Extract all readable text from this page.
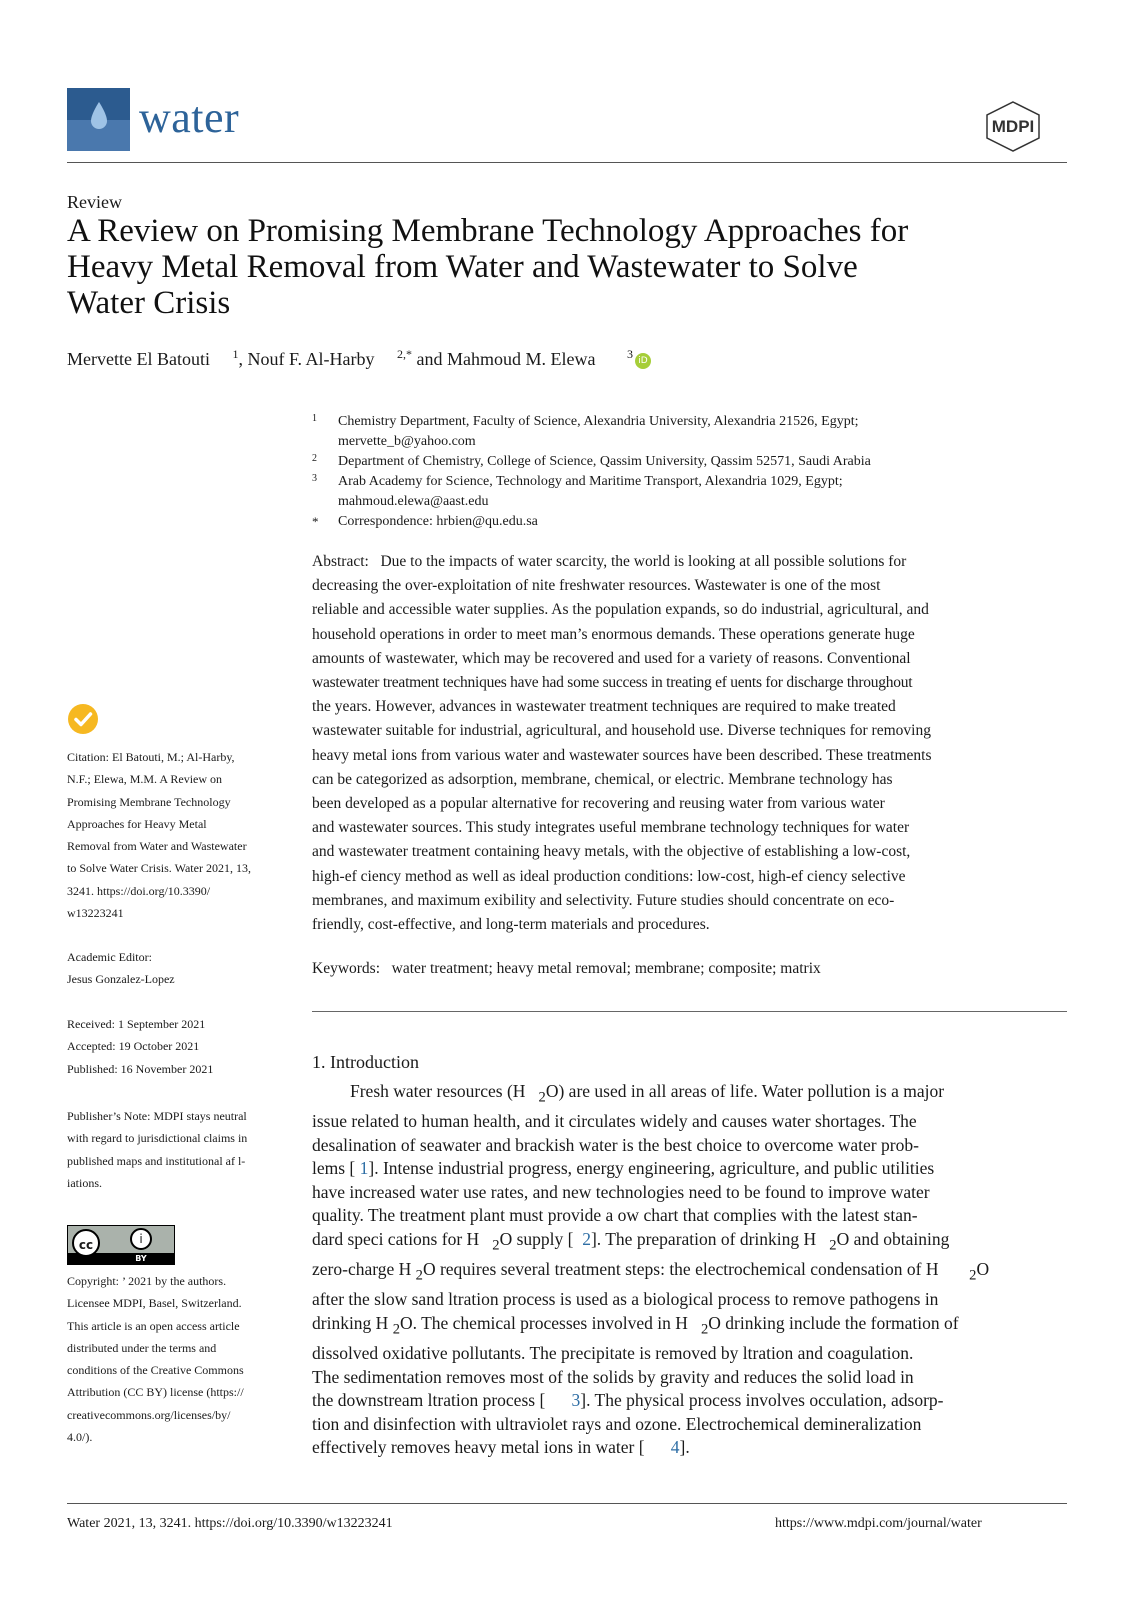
water	MDPI
Review
A Review on Promising Membrane Technology Approaches for
Heavy Metal Removal from Water and Wastewater to Solve
Water Crisis
Mervette El Batouti $^1$, Nouf F. Al-Harby $^{2,*}$ and Mahmoud M. Elewa	$^3$ iD
1 Chemistry Department, Faculty of Science, Alexandria University, Alexandria 21526, Egypt;
mervette_b@yahoo.com
2 Department of Chemistry, College of Science, Qassim University, Qassim 52571, Saudi Arabia
3 Arab Academy for Science, Technology and Maritime Transport, Alexandria 1029, Egypt;
mahmoud.elewa@aast.edu
* Correspondence: hrbien@qu.edu.sa
Abstract: Due to the impacts of water scarcity, the world is looking at all possible solutions for
decreasing the over-exploitation of nite freshwater resources. Wastewater is one of the most
reliable and accessible water supplies. As the population expands, so do industrial, agricultural, and
household operations in order to meet man’s enormous demands. These operations generate huge
amounts of wastewater, which may be recovered and used for a variety of reasons. Conventional
wastewater treatment techniques have had some success in treating ef uents for discharge throughout
the years. However, advances in wastewater treatment techniques are required to make treated
wastewater suitable for industrial, agricultural, and household use. Diverse techniques for removing
heavy metal ions from various water and wastewater sources have been described. These treatments
can be categorized as adsorption, membrane, chemical, or electric. Membrane technology has
been developed as a popular alternative for recovering and reusing water from various water
and wastewater sources. This study integrates useful membrane technology techniques for water
and wastewater treatment containing heavy metals, with the objective of establishing a low-cost,
high-ef ciency method as well as ideal production conditions: low-cost, high-ef ciency selective
membranes, and maximum exibility and selectivity. Future studies should concentrate on eco-
friendly, cost-effective, and long-term materials and procedures.
Keywords: water treatment; heavy metal removal; membrane; composite; matrix
1. Introduction
Fresh water resources (H $_2$O) are used in all areas of life. Water pollution is a major
issue related to human health, and it circulates widely and causes water shortages. The
desalination of seawater and brackish water is the best choice to overcome water prob-
lems [ 1]. Intense industrial progress, energy engineering, agriculture, and public utilities
have increased water use rates, and new technologies need to be found to improve water
quality. The treatment plant must provide a ow chart that complies with the latest stan-
dard speci cations for H $_2$O supply [  2]. The preparation of drinking H $_2$O and obtaining
zero-charge H $_2$O requires several treatment steps: the electrochemical condensation of H $_2$O
after the slow sand ltration process is used as a biological process to remove pathogens in
drinking H $_2$O. The chemical processes involved in H $_2$O drinking include the formation of
dissolved oxidative pollutants. The precipitate is removed by ltration and coagulation.
The sedimentation removes most of the solids by gravity and reduces the solid load in
the downstream ltration process [      3]. The physical process involves occulation, adsorp-
tion and disinfection with ultraviolet rays and ozone. Electrochemical demineralization
effectively removes heavy metal ions in water [      4].
Citation: El Batouti, M.; Al-Harby,
N.F.; Elewa, M.M. A Review on
Promising Membrane Technology
Approaches for Heavy Metal
Removal from Water and Wastewater
to Solve Water Crisis. Water 2021, 13,
3241. https://doi.org/10.3390/
w13223241
Academic Editor:
Jesus Gonzalez-Lopez
Received: 1 September 2021
Accepted: 19 October 2021
Published: 16 November 2021
Publisher’s Note: MDPI stays neutral
with regard to jurisdictional claims in
published maps and institutional af l-
iations.
cc	i
BY
Copyright: ’ 2021 by the authors.
Licensee MDPI, Basel, Switzerland.
This article is an open access article
distributed under the terms and
conditions of the Creative Commons
Attribution (CC BY) license (https://
creativecommons.org/licenses/by/
4.0/).
Water 2021, 13, 3241. https://doi.org/10.3390/w13223241	https://www.mdpi.com/journal/water
